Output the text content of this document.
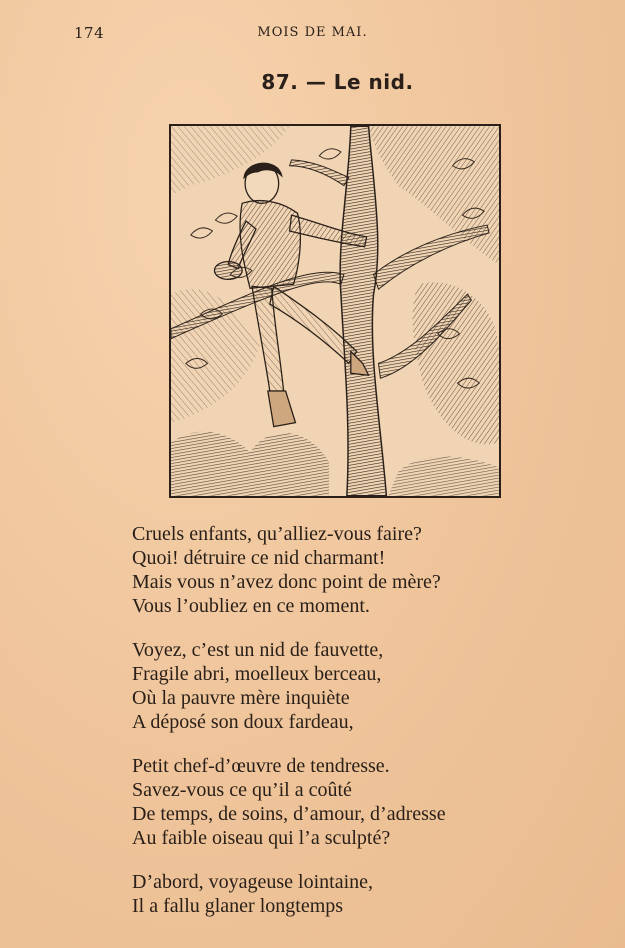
174	MOIS DE MAI.
87. — Le nid.
Cruels enfants, qu’alliez-vous faire?
Quoi! détruire ce nid charmant!
Mais vous n’avez donc point de mère?
Vous l’oubliez en ce moment.
Voyez, c’est un nid de fauvette,
Fragile abri, moelleux berceau,
Où la pauvre mère inquiète
A déposé son doux fardeau,
Petit chef-d’œuvre de tendresse.
Savez-vous ce qu’il a coûté
De temps, de soins, d’amour, d’adresse
Au faible oiseau qui l’a sculpté?
D’abord, voyageuse lointaine,
Il a fallu glaner longtemps
